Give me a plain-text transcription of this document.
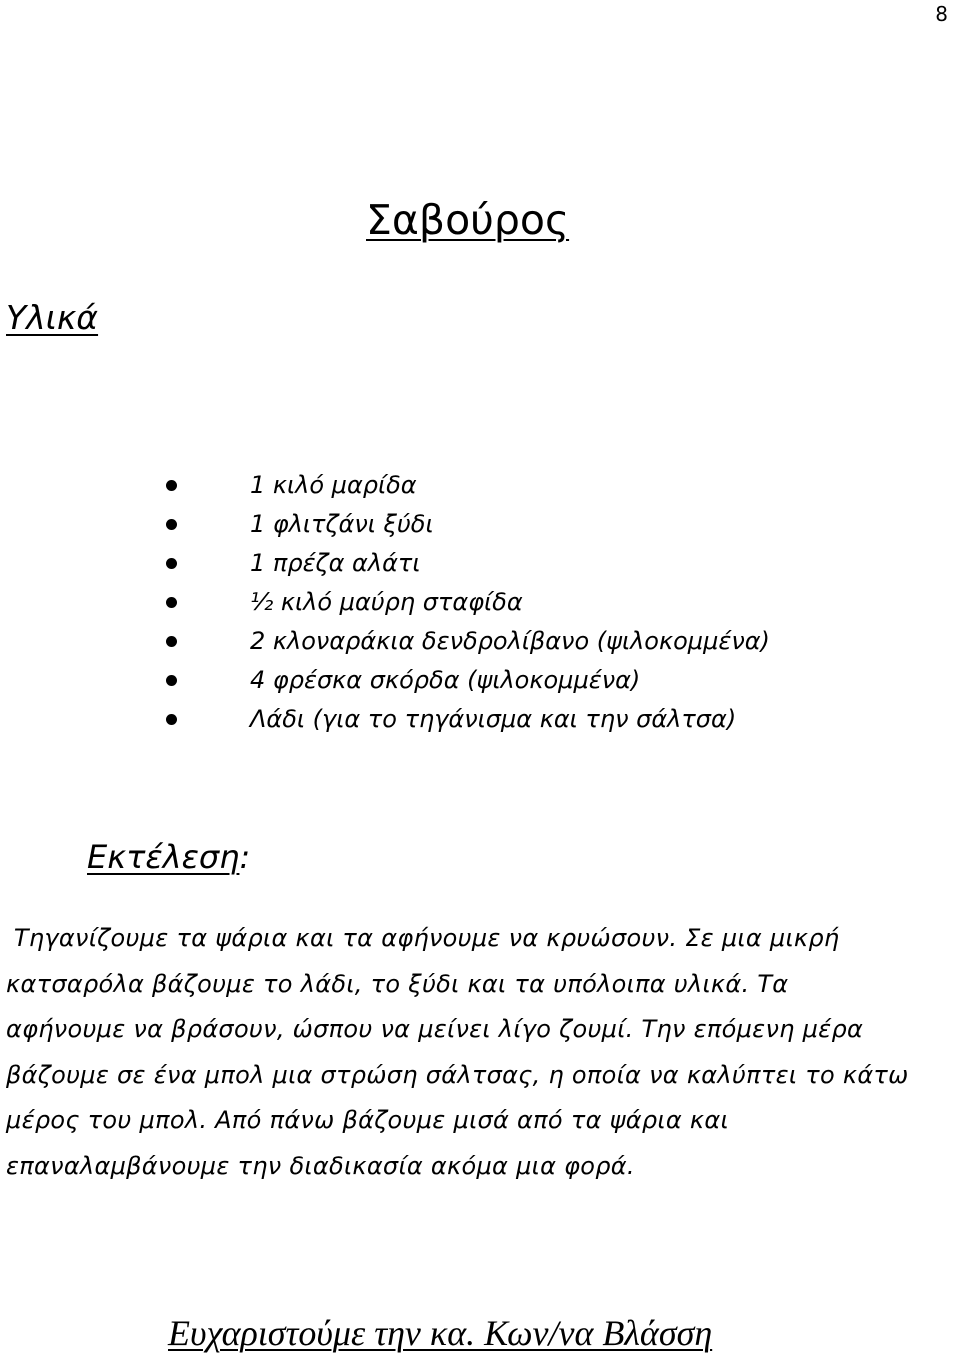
8
Σαβούρος
Υλικά
1 κιλό μαρίδα
1 φλιτζάνι ξύδι
1 πρέζα αλάτι
½ κιλό μαύρη σταφίδα
2 κλοναράκια δενδρολίβανο (ψιλοκομμένα)
4 φρέσκα σκόρδα (ψιλοκομμένα)
Λάδι (για το τηγάνισμα και την σάλτσα)
Εκτέλεση:

Τηγανίζουμε τα ψάρια και τα αφήνουμε να κρυώσουν. Σε μια μικρή
κατσαρόλα βάζουμε το λάδι, το ξύδι και τα υπόλοιπα υλικά. Τα
αφήνουμε να βράσουν, ώσπου να μείνει λίγο ζουμί. Την επόμενη μέρα
βάζουμε σε ένα μπολ μια στρώση σάλτσας, η οποία να καλύπτει το κάτω
μέρος του μπολ. Από πάνω βάζουμε μισά από τα ψάρια και
επαναλαμβάνουμε την διαδικασία ακόμα μια φορά.

Ευχαριστούμε την κα. Κων/να Βλάσση
